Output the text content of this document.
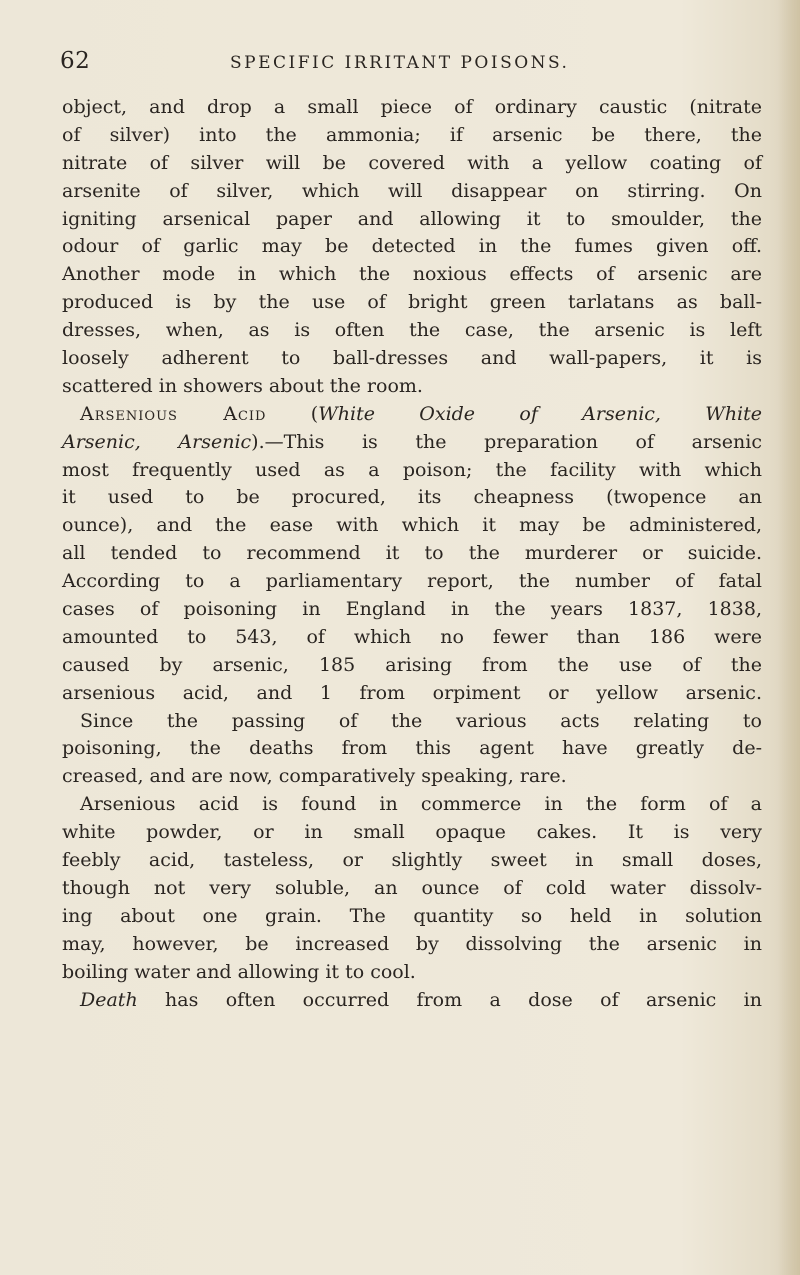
62	SPECIFIC IRRITANT POISONS.
object, and drop a small piece of ordinary caustic (nitrate
of silver) into the ammonia; if arsenic be there, the
nitrate of silver will be covered with a yellow coating of
arsenite of silver, which will disappear on stirring. On
igniting arsenical paper and allowing it to smoulder, the
odour of garlic may be detected in the fumes given off.
Another mode in which the noxious effects of arsenic are
produced is by the use of bright green tarlatans as ball-
dresses, when, as is often the case, the arsenic is left
loosely adherent to ball-dresses and wall-papers, it is
scattered in showers about the room.
Arsenious Acid (White Oxide of Arsenic, White
Arsenic, Arsenic).—This is the preparation of arsenic
most frequently used as a poison; the facility with which
it used to be procured, its cheapness (twopence an
ounce), and the ease with which it may be administered,
all tended to recommend it to the murderer or suicide.
According to a parliamentary report, the number of fatal
cases of poisoning in England in the years 1837, 1838,
amounted to 543, of which no fewer than 186 were
caused by arsenic, 185 arising from the use of the
arsenious acid, and 1 from orpiment or yellow arsenic.
Since the passing of the various acts relating to
poisoning, the deaths from this agent have greatly de-
creased, and are now, comparatively speaking, rare.
Arsenious acid is found in commerce in the form of a
white powder, or in small opaque cakes. It is very
feebly acid, tasteless, or slightly sweet in small doses,
though not very soluble, an ounce of cold water dissolv-
ing about one grain. The quantity so held in solution
may, however, be increased by dissolving the arsenic in
boiling water and allowing it to cool.
Death has often occurred from a dose of arsenic in
